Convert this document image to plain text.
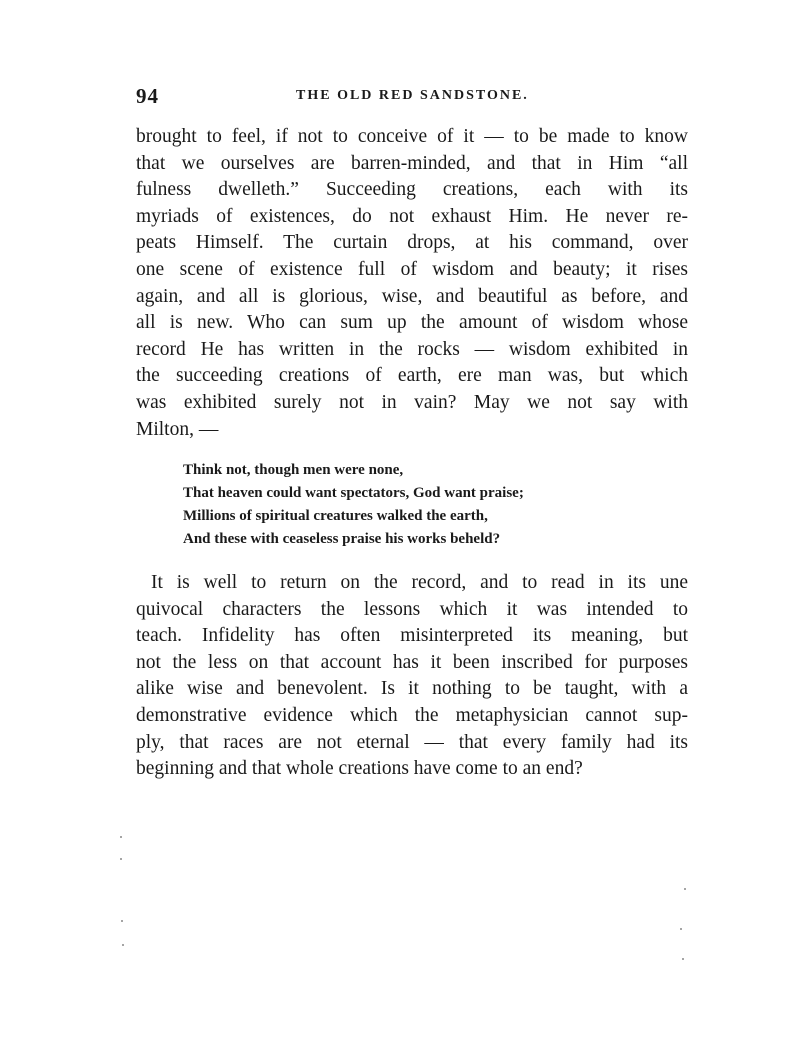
94	THE OLD RED SANDSTONE.
brought to feel, if not to conceive of it — to be made to know
that we ourselves are barren-minded, and that in Him “all
fulness dwelleth.” Succeeding creations, each with its
myriads of existences, do not exhaust Him. He never re-
peats Himself. The curtain drops, at his command, over
one scene of existence full of wisdom and beauty; it rises
again, and all is glorious, wise, and beautiful as before, and
all is new. Who can sum up the amount of wisdom whose
record He has written in the rocks — wisdom exhibited in
the succeeding creations of earth, ere man was, but which
was exhibited surely not in vain? May we not say with
Milton, —
Think not, though men were none,
That heaven could want spectators, God want praise;
Millions of spiritual creatures walked the earth,
And these with ceaseless praise his works beheld?
It is well to return on the record, and to read in its une
quivocal characters the lessons which it was intended to
teach. Infidelity has often misinterpreted its meaning, but
not the less on that account has it been inscribed for purposes
alike wise and benevolent. Is it nothing to be taught, with a
demonstrative evidence which the metaphysician cannot sup-
ply, that races are not eternal — that every family had its
beginning and that whole creations have come to an end?
